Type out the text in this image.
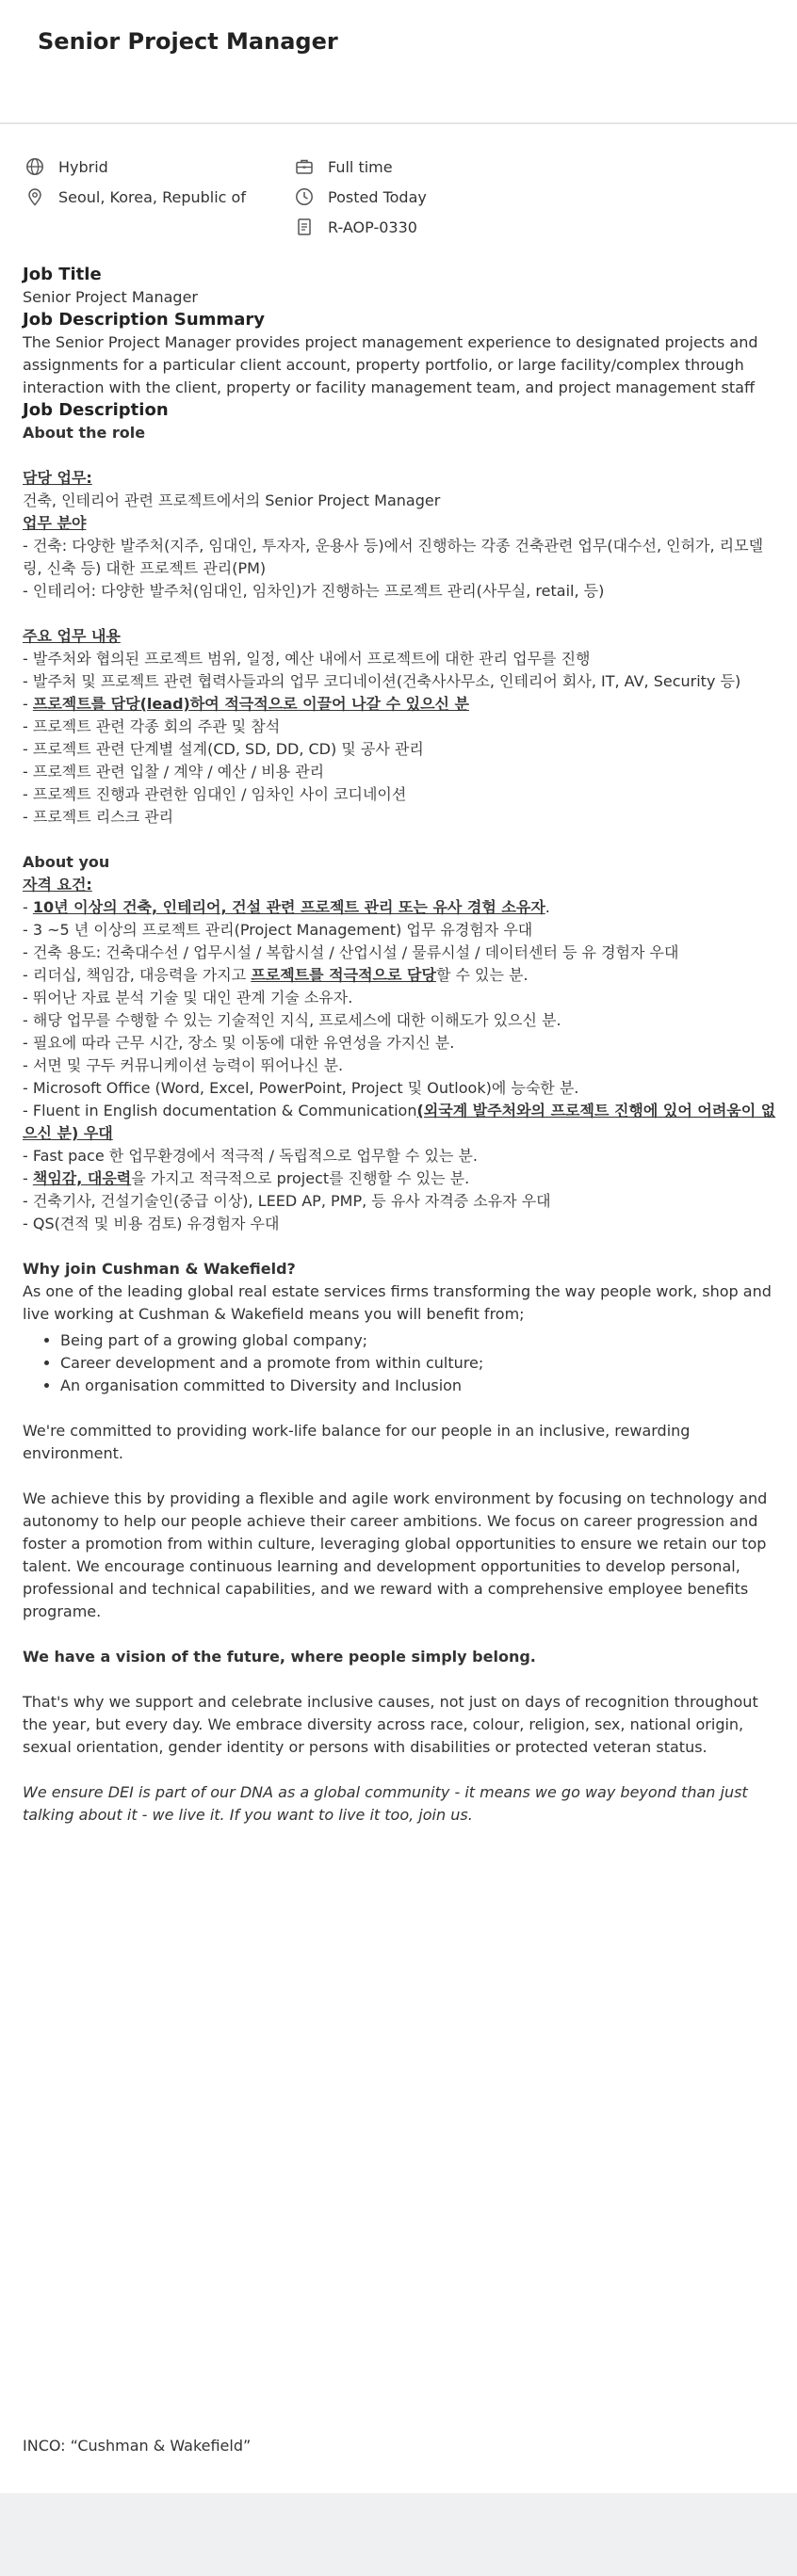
Senior Project Manager
Hybrid
Seoul, Korea, Republic of
Full time
Posted Today
R-AOP-0330

Job Title

Senior Project Manager

Job Description Summary

The Senior Project Manager provides project management experience to designated projects and assignments for a particular client account, property portfolio, or large facility/complex through interaction with the client, property or facility management team, and project management staff

Job Description

About the role

담당 업무:

건축, 인테리어 관련 프로젝트에서의 Senior Project Manager

업무 분야

- 건축: 다양한 발주처(지주, 임대인, 투자자, 운용사 등)에서 진행하는 각종 건축관련 업무(대수선, 인허가, 리모델링, 신축 등) 대한 프로젝트 관리(PM)

- 인테리어: 다양한 발주처(임대인, 임차인)가 진행하는 프로젝트 관리(사무실, retail, 등)

주요 업무 내용

- 발주처와 협의된 프로젝트 범위, 일정, 예산 내에서 프로젝트에 대한 관리 업무를 진행

- 발주처 및 프로젝트 관련 협력사들과의 업무 코디네이션(건축사사무소, 인테리어 회사, IT, AV, Security 등)

- 프로젝트를 담당(lead)하여 적극적으로 이끌어 나갈 수 있으신 분

- 프로젝트 관련 각종 회의 주관 및 참석

- 프로젝트 관련 단계별 설계(CD, SD, DD, CD) 및 공사 관리

- 프로젝트 관련 입찰 / 계약 / 예산 / 비용 관리

- 프로젝트 진행과 관련한 임대인 / 임차인 사이 코디네이션

- 프로젝트 리스크 관리

About you

자격 요건:

- 10년 이상의 건축, 인테리어, 건설 관련 프로젝트 관리 또는 유사 경험 소유자.

- 3 ~5 년 이상의 프로젝트 관리(Project Management) 업무 유경험자 우대

- 건축 용도: 건축대수선 / 업무시설 / 복합시설 / 산업시설 / 물류시설 / 데이터센터 등 유 경험자 우대

- 리더십, 책임감, 대응력을 가지고 프로젝트를 적극적으로 담당할 수 있는 분.

- 뛰어난 자료 분석 기술 및 대인 관계 기술 소유자.

- 해당 업무를 수행할 수 있는 기술적인 지식, 프로세스에 대한 이해도가 있으신 분.

- 필요에 따라 근무 시간, 장소 및 이동에 대한 유연성을 가지신 분.

- 서면 및 구두 커뮤니케이션 능력이 뛰어나신 분.

- Microsoft Office (Word, Excel, PowerPoint, Project 및 Outlook)에 능숙한 분.

- Fluent in English documentation & Communication(외국계 발주처와의 프로젝트 진행에 있어 어려움이 없으신 분) 우대

- Fast pace 한 업무환경에서 적극적 / 독립적으로 업무할 수 있는 분.

- 책임감, 대응력을 가지고 적극적으로 project를 진행할 수 있는 분.

- 건축기사, 건설기술인(중급 이상), LEED AP, PMP, 등 유사 자격증 소유자 우대

- QS(견적 및 비용 검토) 유경험자 우대

Why join Cushman & Wakefield?

As one of the leading global real estate services firms transforming the way people work, shop and live working at Cushman & Wakefield means you will benefit from;

• Being part of a growing global company;
• Career development and a promote from within culture;
• An organisation committed to Diversity and Inclusion

We're committed to providing work-life balance for our people in an inclusive, rewarding environment.

We achieve this by providing a flexible and agile work environment by focusing on technology and autonomy to help our people achieve their career ambitions. We focus on career progression and foster a promotion from within culture, leveraging global opportunities to ensure we retain our top talent. We encourage continuous learning and development opportunities to develop personal, professional and technical capabilities, and we reward with a comprehensive employee benefits programe.

We have a vision of the future, where people simply belong.

That's why we support and celebrate inclusive causes, not just on days of recognition throughout the year, but every day. We embrace diversity across race, colour, religion, sex, national origin, sexual orientation, gender identity or persons with disabilities or protected veteran status.

We ensure DEI is part of our DNA as a global community - it means we go way beyond than just talking about it - we live it. If you want to live it too, join us.

INCO: “Cushman & Wakefield”
